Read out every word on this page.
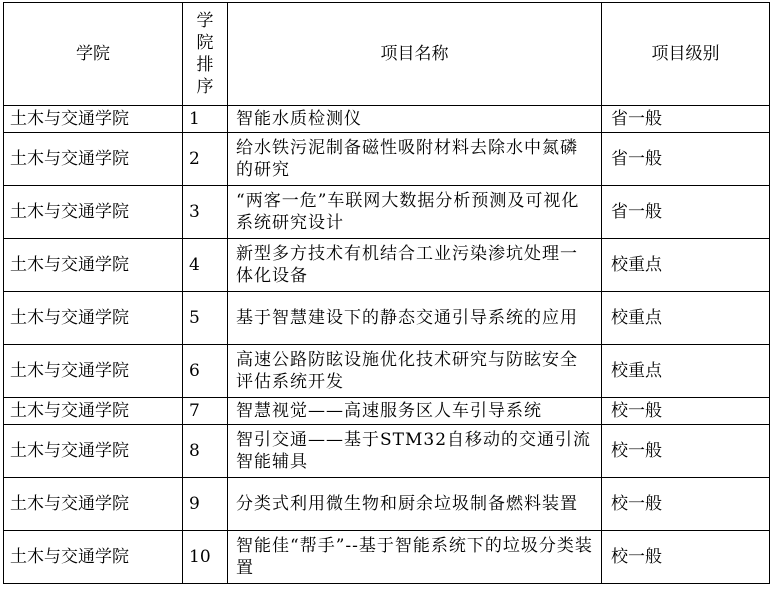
学院	学院排序	项目名称	项目级别
土木与交通学院	1	智能水质检测仪	省一般
土木与交通学院	2	给水铁污泥制备磁性吸附材料去除水中氮磷的研究	省一般
土木与交通学院	3	“两客一危”车联网大数据分析预测及可视化系统研究设计	省一般
土木与交通学院	4	新型多方技术有机结合工业污染渗坑处理一体化设备	校重点
土木与交通学院	5	基于智慧建设下的静态交通引导系统的应用	校重点
土木与交通学院	6	高速公路防眩设施优化技术研究与防眩安全评估系统开发	校重点
土木与交通学院	7	智慧视觉——高速服务区人车引导系统	校一般
土木与交通学院	8	智引交通——基于STM32自移动的交通引流智能辅具	校一般
土木与交通学院	9	分类式利用微生物和厨余垃圾制备燃料装置	校一般
土木与交通学院	10	智能佳“帮手”--基于智能系统下的垃圾分类装置	校一般
